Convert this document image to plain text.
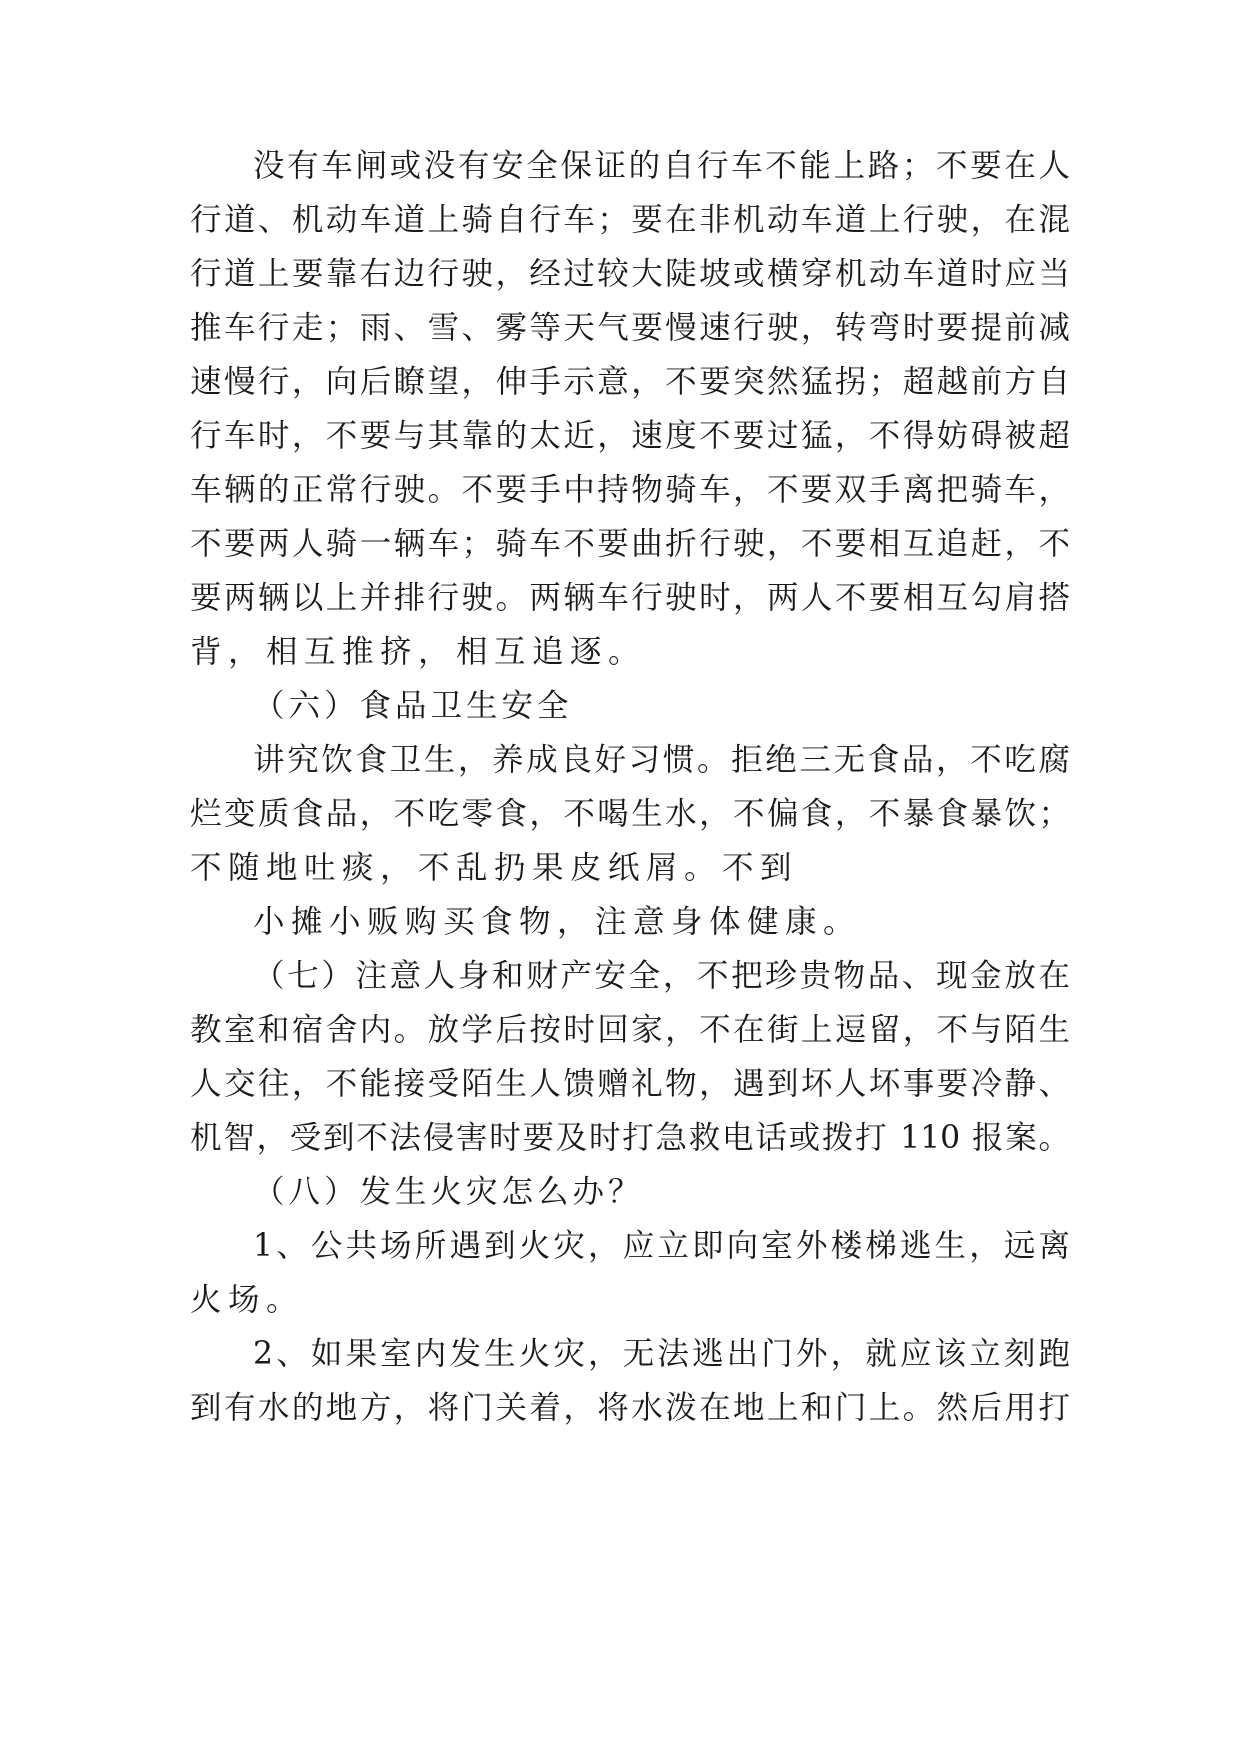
没有车闸或没有安全保证的自行车不能上路；不要在人
行道、机动车道上骑自行车；要在非机动车道上行驶，在混
行道上要靠右边行驶，经过较大陡坡或横穿机动车道时应当
推车行走；雨、雪、雾等天气要慢速行驶，转弯时要提前减
速慢行，向后瞭望，伸手示意，不要突然猛拐；超越前方自
行车时，不要与其靠的太近，速度不要过猛，不得妨碍被超
车辆的正常行驶。不要手中持物骑车，不要双手离把骑车，
不要两人骑一辆车；骑车不要曲折行驶，不要相互追赶，不
要两辆以上并排行驶。两辆车行驶时，两人不要相互勾肩搭
背，相互推挤，相互追逐。
（六）食品卫生安全
讲究饮食卫生，养成良好习惯。拒绝三无食品，不吃腐
烂变质食品，不吃零食，不喝生水，不偏食，不暴食暴饮；
不随地吐痰，不乱扔果皮纸屑。不到
小摊小贩购买食物，注意身体健康。
（七）注意人身和财产安全，不把珍贵物品、现金放在
教室和宿舍内。放学后按时回家，不在街上逗留，不与陌生
人交往，不能接受陌生人馈赠礼物，遇到坏人坏事要冷静、
机智，受到不法侵害时要及时打急救电话或拨打 110 报案。
（八）发生火灾怎么办？
1、公共场所遇到火灾，应立即向室外楼梯逃生，远离
火场。
2、如果室内发生火灾，无法逃出门外，就应该立刻跑
到有水的地方，将门关着，将水泼在地上和门上。然后用打
